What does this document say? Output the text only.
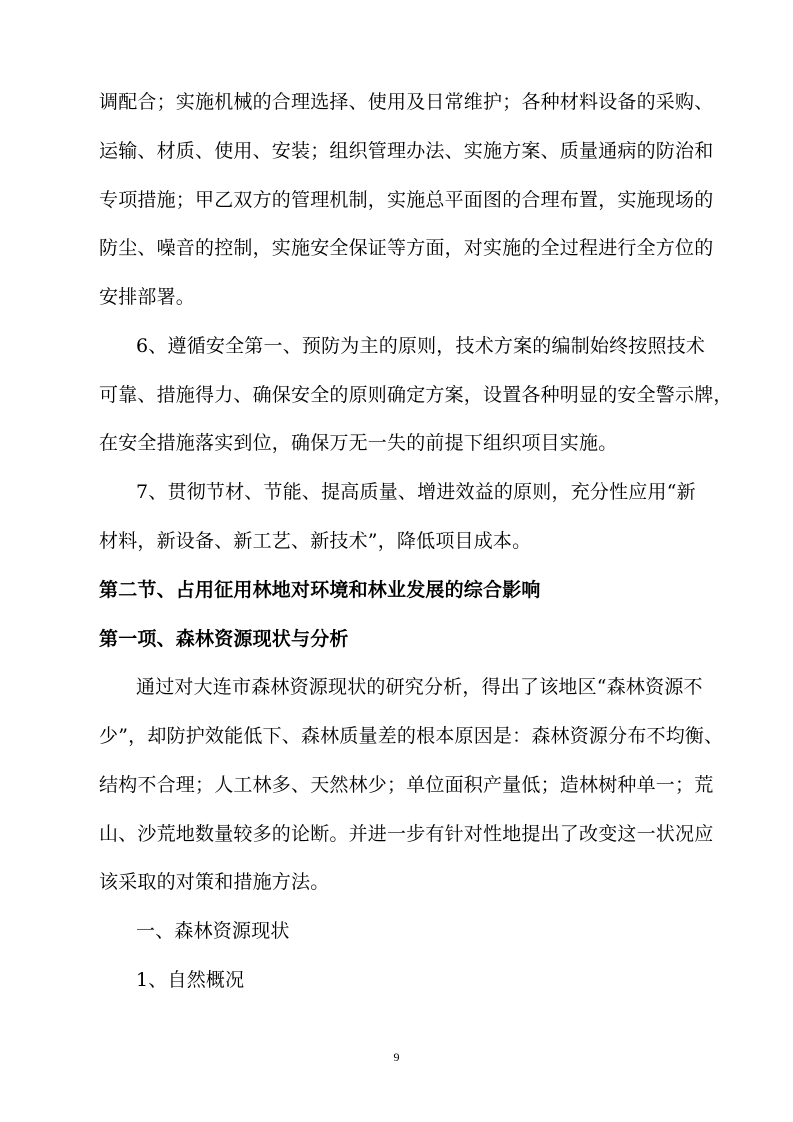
调配合；实施机械的合理选择、使用及日常维护；各种材料设备的采购、
运输、材质、使用、安装；组织管理办法、实施方案、质量通病的防治和
专项措施；甲乙双方的管理机制，实施总平面图的合理布置，实施现场的
防尘、噪音的控制，实施安全保证等方面，对实施的全过程进行全方位的
安排部署。
6、遵循安全第一、预防为主的原则，技术方案的编制始终按照技术
可靠、措施得力、确保安全的原则确定方案，设置各种明显的安全警示牌，
在安全措施落实到位，确保万无一失的前提下组织项目实施。
7、贯彻节材、节能、提高质量、增进效益的原则，充分性应用“新
材料，新设备、新工艺、新技术”，降低项目成本。
第二节、占用征用林地对环境和林业发展的综合影响
第一项、森林资源现状与分析
通过对大连市森林资源现状的研究分析，得出了该地区“森林资源不
少”，却防护效能低下、森林质量差的根本原因是：森林资源分布不均衡、
结构不合理；人工林多、天然林少；单位面积产量低；造林树种单一；荒
山、沙荒地数量较多的论断。并进一步有针对性地提出了改变这一状况应
该采取的对策和措施方法。
一、森林资源现状
1、自然概况
9
